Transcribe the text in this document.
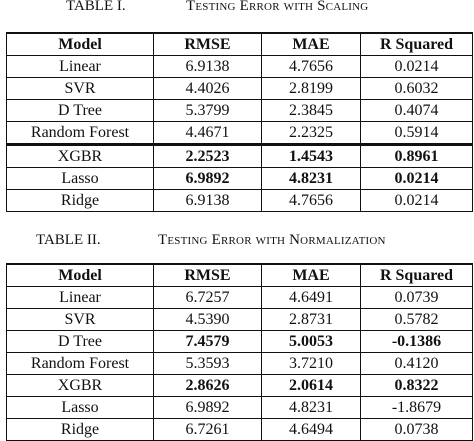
TABLE I.	Testing Error with Scaling
Model	RMSE	MAE	R Squared
Linear	6.9138	4.7656	0.0214
SVR	4.4026	2.8199	0.6032
D Tree	5.3799	2.3845	0.4074
Random Forest	4.4671	2.2325	0.5914
XGBR	2.2523	1.4543	0.8961
Lasso	6.9892	4.8231	0.0214
Ridge	6.9138	4.7656	0.0214
TABLE II.	Testing Error with Normalization
Model	RMSE	MAE	R Squared
Linear	6.7257	4.6491	0.0739
SVR	4.5390	2.8731	0.5782
D Tree	7.4579	5.0053	-0.1386
Random Forest	5.3593	3.7210	0.4120
XGBR	2.8626	2.0614	0.8322
Lasso	6.9892	4.8231	-1.8679
Ridge	6.7261	4.6494	0.0738
